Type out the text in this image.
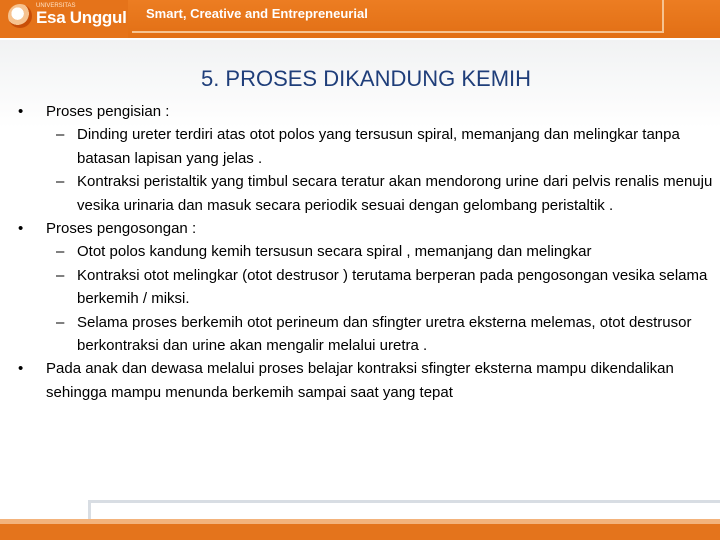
UNIVERSITAS
Esa Unggul Smart, Creative and Entrepreneurial
5. PROSES DIKANDUNG KEMIH
• Proses pengisian :
– Dinding ureter terdiri atas otot polos yang tersusun spiral, memanjang dan melingkar tanpa batasan lapisan yang jelas .
– Kontraksi peristaltik yang timbul secara teratur akan mendorong urine dari pelvis renalis menuju vesika urinaria dan masuk secara periodik sesuai dengan gelombang peristaltik .
• Proses pengosongan :
– Otot polos kandung kemih tersusun secara spiral , memanjang dan melingkar
– Kontraksi otot melingkar (otot destrusor ) terutama berperan pada pengosongan vesika selama berkemih / miksi.
– Selama proses berkemih otot perineum dan sfingter uretra eksterna melemas, otot destrusor berkontraksi dan urine akan mengalir melalui uretra .
• Pada anak dan dewasa melalui proses belajar kontraksi sfingter eksterna mampu dikendalikan sehingga mampu menunda berkemih sampai saat yang tepat
